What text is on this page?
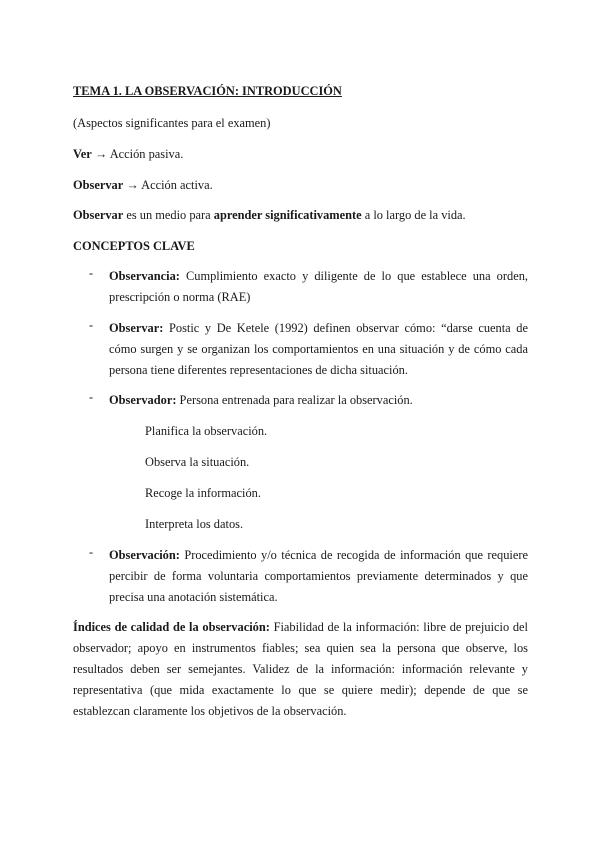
TEMA 1. LA OBSERVACIÓN: INTRODUCCIÓN
(Aspectos significantes para el examen)
Ver → Acción pasiva.
Observar → Acción activa.
Observar es un medio para aprender significativamente a lo largo de la vida.
CONCEPTOS CLAVE
- Observancia: Cumplimiento exacto y diligente de lo que establece una orden, prescripción o norma (RAE)
- Observar: Postic y De Ketele (1992) definen observar cómo: “darse cuenta de cómo surgen y se organizan los comportamientos en una situación y de cómo cada persona tiene diferentes representaciones de dicha situación.
- Observador: Persona entrenada para realizar la observación.
Planifica la observación.
Observa la situación.
Recoge la información.
Interpreta los datos.
- Observación: Procedimiento y/o técnica de recogida de información que requiere percibir de forma voluntaria comportamientos previamente determinados y que precisa una anotación sistemática.
Índices de calidad de la observación: Fiabilidad de la información: libre de prejuicio del observador; apoyo en instrumentos fiables; sea quien sea la persona que observe, los resultados deben ser semejantes. Validez de la información: información relevante y representativa (que mida exactamente lo que se quiere medir); depende de que se establezcan claramente los objetivos de la observación.
